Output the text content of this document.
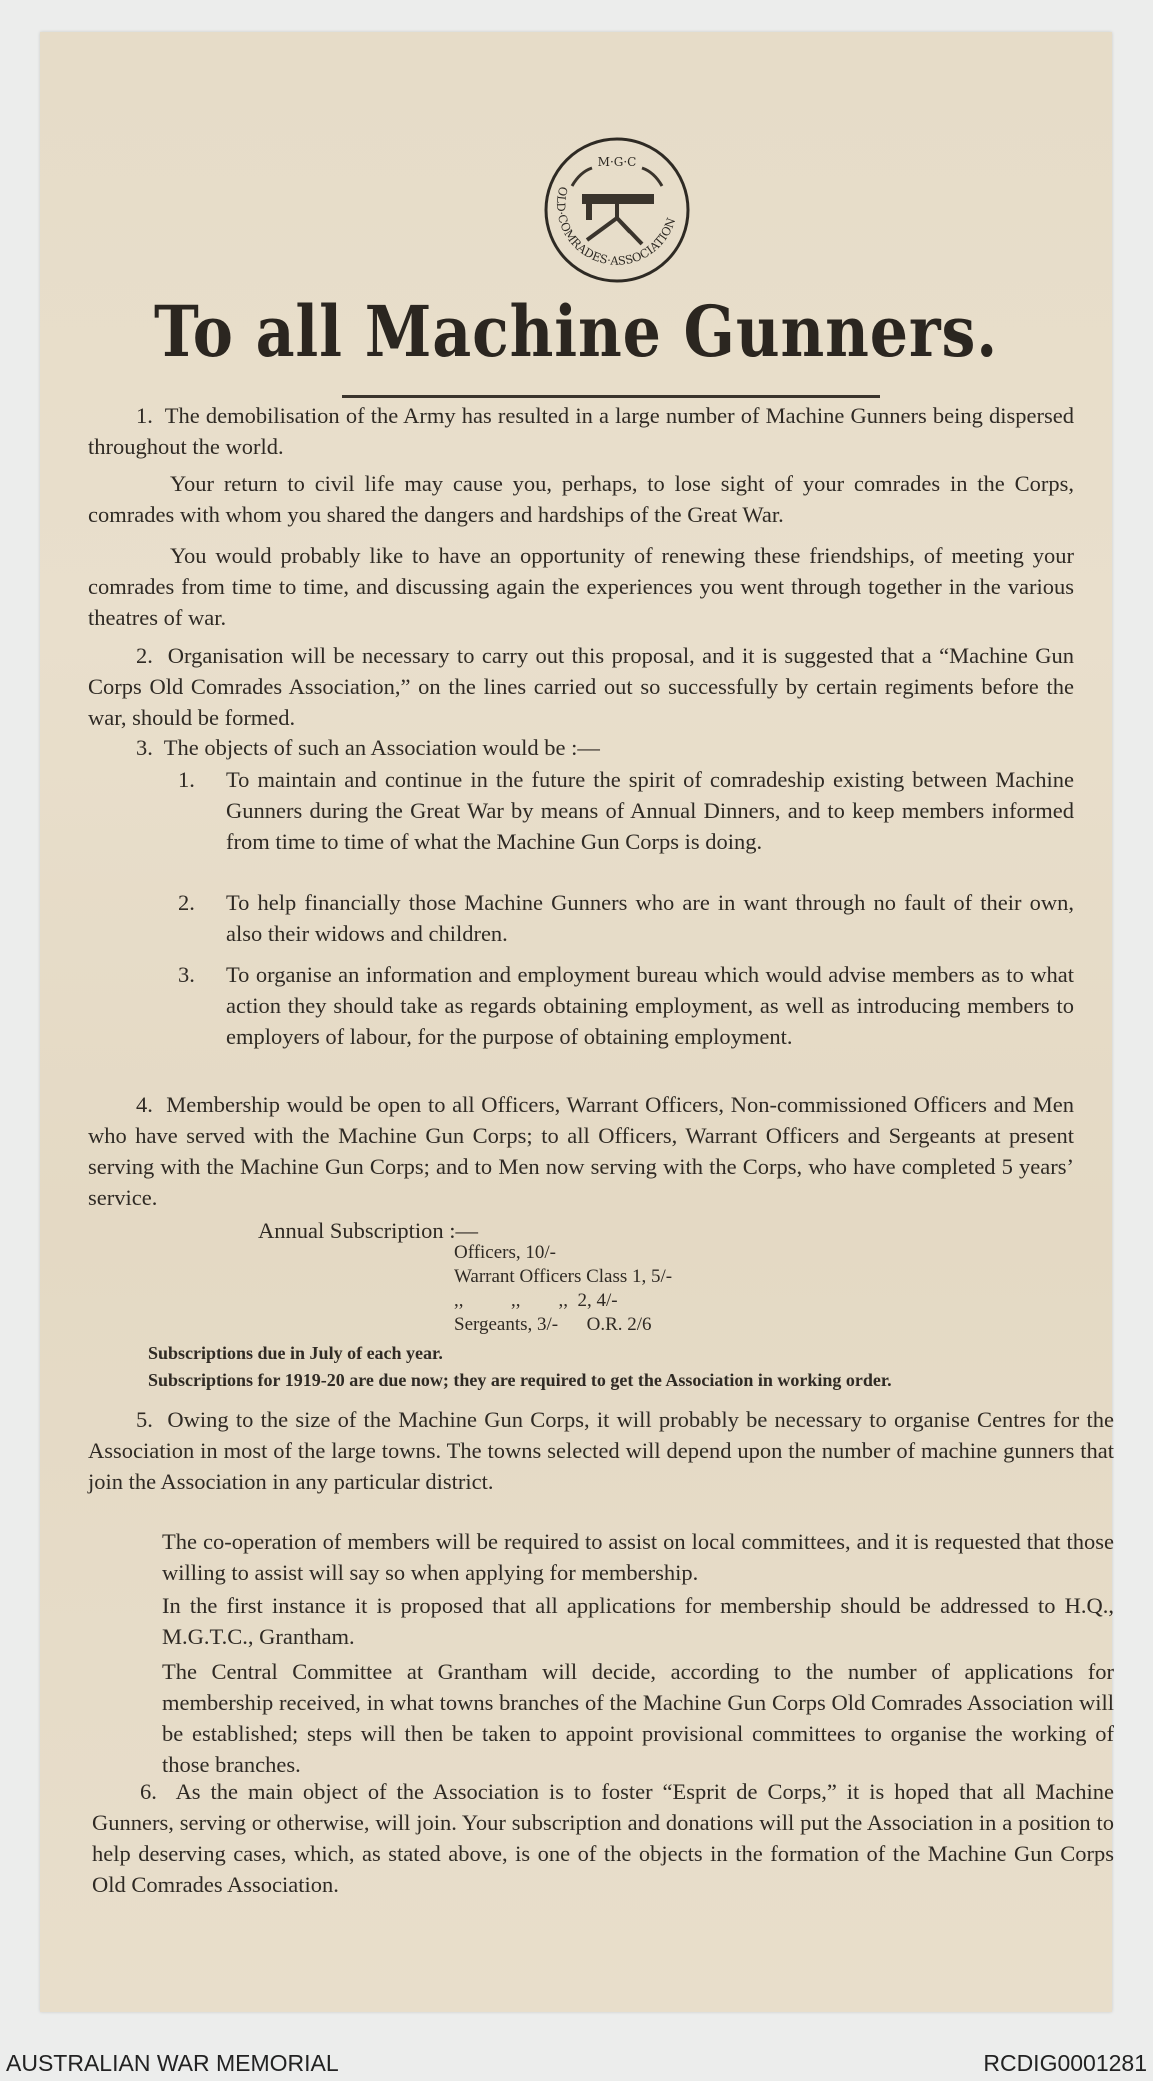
M·G·C
OLD·COMRADES·ASSOCIATION
To all Machine Gunners.
1. The demobilisation of the Army has resulted in a large number of Machine Gunners being dispersed throughout the world.
Your return to civil life may cause you, perhaps, to lose sight of your comrades in the Corps, comrades with whom you shared the dangers and hardships of the Great War.
You would probably like to have an opportunity of renewing these friendships, of meeting your comrades from time to time, and discussing again the experiences you went through together in the various theatres of war.
2. Organisation will be necessary to carry out this proposal, and it is suggested that a “Machine Gun Corps Old Comrades Association,” on the lines carried out so successfully by certain regiments before the war, should be formed.
3. The objects of such an Association would be :—
1.	To maintain and continue in the future the spirit of comradeship existing between Machine Gunners during the Great War by means of Annual Dinners, and to keep members informed from time to time of what the Machine Gun Corps is doing.
2.	To help financially those Machine Gunners who are in want through no fault of their own, also their widows and children.
3.	To organise an information and employment bureau which would advise members as to what action they should take as regards obtaining employment, as well as introducing members to employers of labour, for the purpose of obtaining employment.
4. Membership would be open to all Officers, Warrant Officers, Non-commissioned Officers and Men who have served with the Machine Gun Corps; to all Officers, Warrant Officers and Sergeants at present serving with the Machine Gun Corps; and to Men now serving with the Corps, who have completed 5 years’ service.
Annual Subscription :—
Officers, 10/-
Warrant Officers Class 1, 5/-
,,          ,,        ,,  2, 4/-
Sergeants, 3/-      O.R. 2/6
Subscriptions due in July of each year.
Subscriptions for 1919-20 are due now; they are required to get the Association in working order.
5. Owing to the size of the Machine Gun Corps, it will probably be necessary to organise Centres for the Association in most of the large towns. The towns selected will depend upon the number of machine gunners that join the Association in any particular district.
The co-operation of members will be required to assist on local committees, and it is requested that those willing to assist will say so when applying for membership.
In the first instance it is proposed that all applications for membership should be addressed to H.Q., M.G.T.C., Grantham.
The Central Committee at Grantham will decide, according to the number of applications for membership received, in what towns branches of the Machine Gun Corps Old Comrades Association will be established; steps will then be taken to appoint provisional committees to organise the working of those branches.
6. As the main object of the Association is to foster “Esprit de Corps,” it is hoped that all Machine Gunners, serving or otherwise, will join. Your subscription and donations will put the Association in a position to help deserving cases, which, as stated above, is one of the objects in the formation of the Machine Gun Corps Old Comrades Association.
AUSTRALIAN WAR MEMORIAL	RCDIG0001281
